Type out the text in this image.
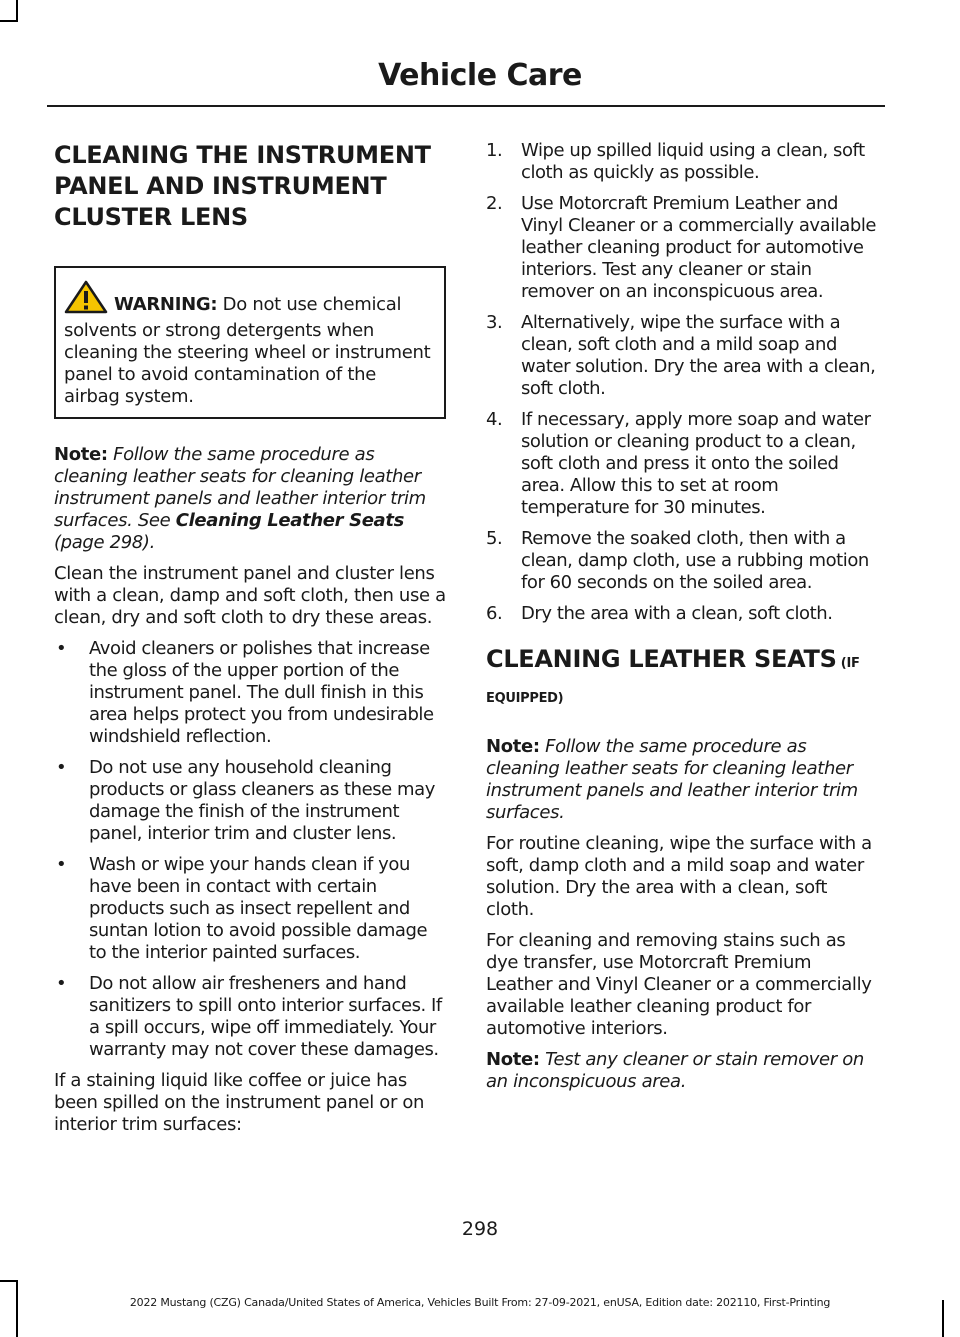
Vehicle Care
CLEANING THE INSTRUMENT PANEL AND INSTRUMENT CLUSTER LENS
WARNING: Do not use chemical solvents or strong detergents when cleaning the steering wheel or instrument panel to avoid contamination of the airbag system.

Note: Follow the same procedure as cleaning leather seats for cleaning leather instrument panels and leather interior trim surfaces. See Cleaning Leather Seats (page 298).

Clean the instrument panel and cluster lens with a clean, damp and soft cloth, then use a clean, dry and soft cloth to dry these areas.

• Avoid cleaners or polishes that increase the gloss of the upper portion of the instrument panel. The dull finish in this area helps protect you from undesirable windshield reflection.
• Do not use any household cleaning products or glass cleaners as these may damage the finish of the instrument panel, interior trim and cluster lens.
• Wash or wipe your hands clean if you have been in contact with certain products such as insect repellent and suntan lotion to avoid possible damage to the interior painted surfaces.
• Do not allow air fresheners and hand sanitizers to spill onto interior surfaces. If a spill occurs, wipe off immediately. Your warranty may not cover these damages.

If a staining liquid like coffee or juice has been spilled on the instrument panel or on interior trim surfaces:

1. Wipe up spilled liquid using a clean, soft cloth as quickly as possible.
2. Use Motorcraft Premium Leather and Vinyl Cleaner or a commercially available leather cleaning product for automotive interiors. Test any cleaner or stain remover on an inconspicuous area.
3. Alternatively, wipe the surface with a clean, soft cloth and a mild soap and water solution. Dry the area with a clean, soft cloth.
4. If necessary, apply more soap and water solution or cleaning product to a clean, soft cloth and press it onto the soiled area. Allow this to set at room temperature for 30 minutes.
5. Remove the soaked cloth, then with a clean, damp cloth, use a rubbing motion for 60 seconds on the soiled area.
6. Dry the area with a clean, soft cloth.
CLEANING LEATHER SEATS (IF EQUIPPED)

Note: Follow the same procedure as cleaning leather seats for cleaning leather instrument panels and leather interior trim surfaces.

For routine cleaning, wipe the surface with a soft, damp cloth and a mild soap and water solution. Dry the area with a clean, soft cloth.

For cleaning and removing stains such as dye transfer, use Motorcraft Premium Leather and Vinyl Cleaner or a commercially available leather cleaning product for automotive interiors.

Note: Test any cleaner or stain remover on an inconspicuous area.

298
2022 Mustang (CZG) Canada/United States of America, Vehicles Built From: 27-09-2021, enUSA, Edition date: 202110, First-Printing
